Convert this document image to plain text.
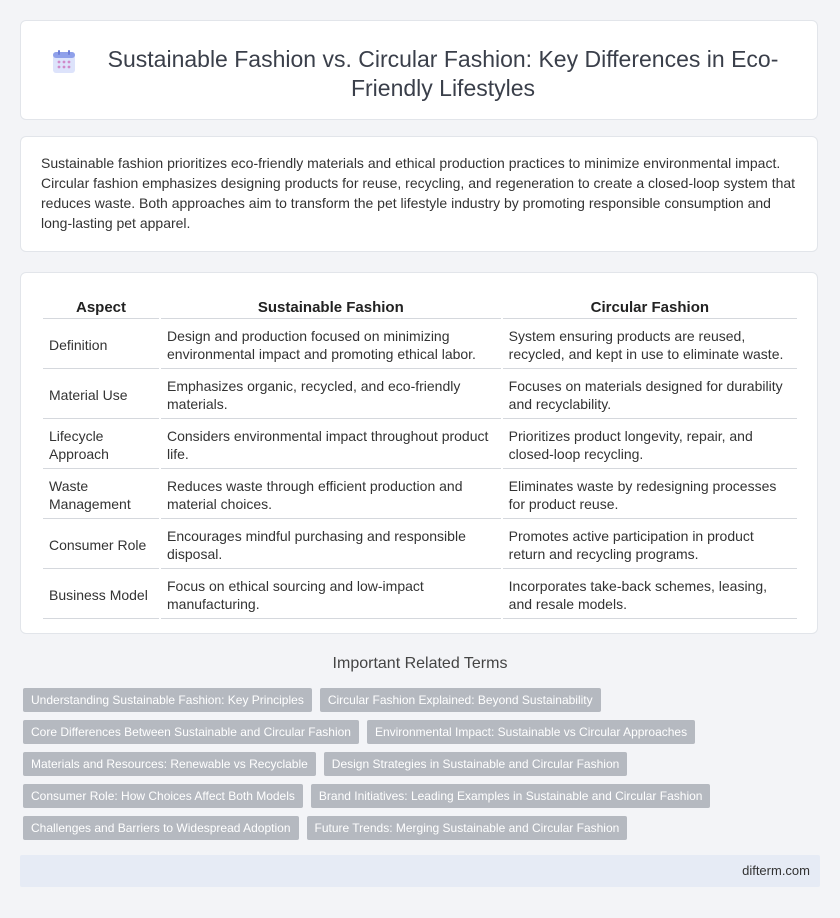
Sustainable Fashion vs. Circular Fashion: Key Differences in Eco-Friendly Lifestyles

Sustainable fashion prioritizes eco-friendly materials and ethical production practices to minimize environmental impact. Circular fashion emphasizes designing products for reuse, recycling, and regeneration to create a closed-loop system that reduces waste. Both approaches aim to transform the pet lifestyle industry by promoting responsible consumption and long-lasting pet apparel.

Aspect	Sustainable Fashion	Circular Fashion
Definition	Design and production focused on minimizing environmental impact and promoting ethical labor.	System ensuring products are reused, recycled, and kept in use to eliminate waste.
Material Use	Emphasizes organic, recycled, and eco-friendly materials.	Focuses on materials designed for durability and recyclability.
Lifecycle Approach	Considers environmental impact throughout product life.	Prioritizes product longevity, repair, and closed-loop recycling.
Waste Management	Reduces waste through efficient production and material choices.	Eliminates waste by redesigning processes for product reuse.
Consumer Role	Encourages mindful purchasing and responsible disposal.	Promotes active participation in product return and recycling programs.
Business Model	Focus on ethical sourcing and low-impact manufacturing.	Incorporates take-back schemes, leasing, and resale models.
Important Related Terms
Understanding Sustainable Fashion: Key Principles	Circular Fashion Explained: Beyond Sustainability
Core Differences Between Sustainable and Circular Fashion	Environmental Impact: Sustainable vs Circular Approaches
Materials and Resources: Renewable vs Recyclable	Design Strategies in Sustainable and Circular Fashion
Consumer Role: How Choices Affect Both Models	Brand Initiatives: Leading Examples in Sustainable and Circular Fashion
Challenges and Barriers to Widespread Adoption	Future Trends: Merging Sustainable and Circular Fashion
difterm.com
